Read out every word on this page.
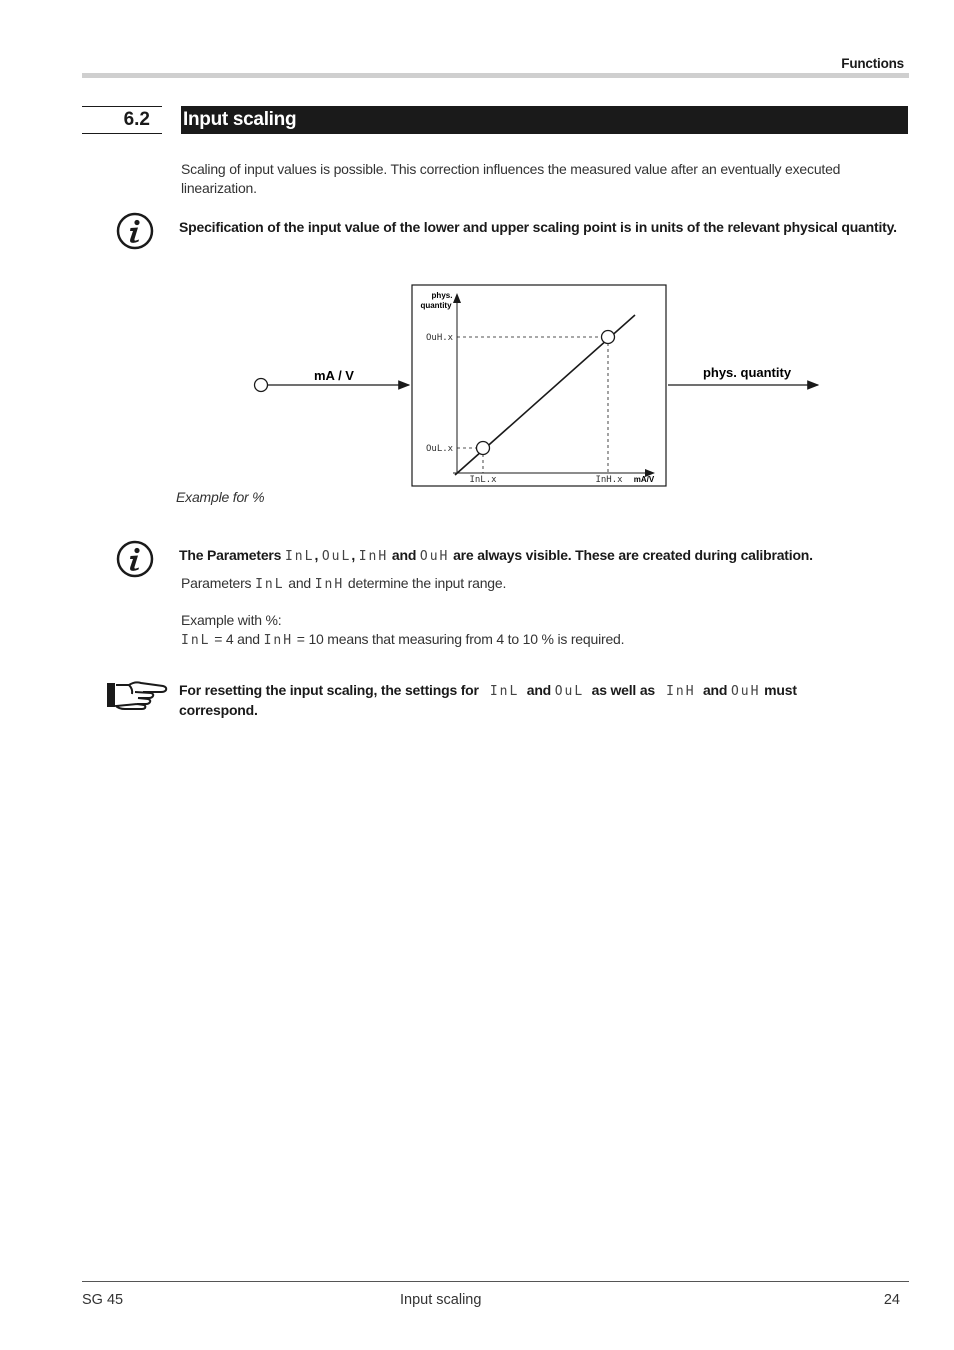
Functions
6.2	Input scaling
Scaling of input values is possible. This correction influences the measured value after an eventually executed linearization.
Specification of the input value of the lower and upper scaling point is in units of the relevant physical quantity.
mA / V	phys. quantity
phys.
quantity
mA/V
OuH.x
OuL.x
InL.x	InH.x
Example for %
The Parameters InL, OuL, InH and OuH are always visible. These are created during calibration.
Parameters InL and InH determine the input range.
Example with %:
InL = 4 and InH = 10 means that measuring from 4 to 10 % is required.
For resetting the input scaling, the settings for InL and OuL as well as InH and OuH must
correspond.
SG 45	Input scaling	24
